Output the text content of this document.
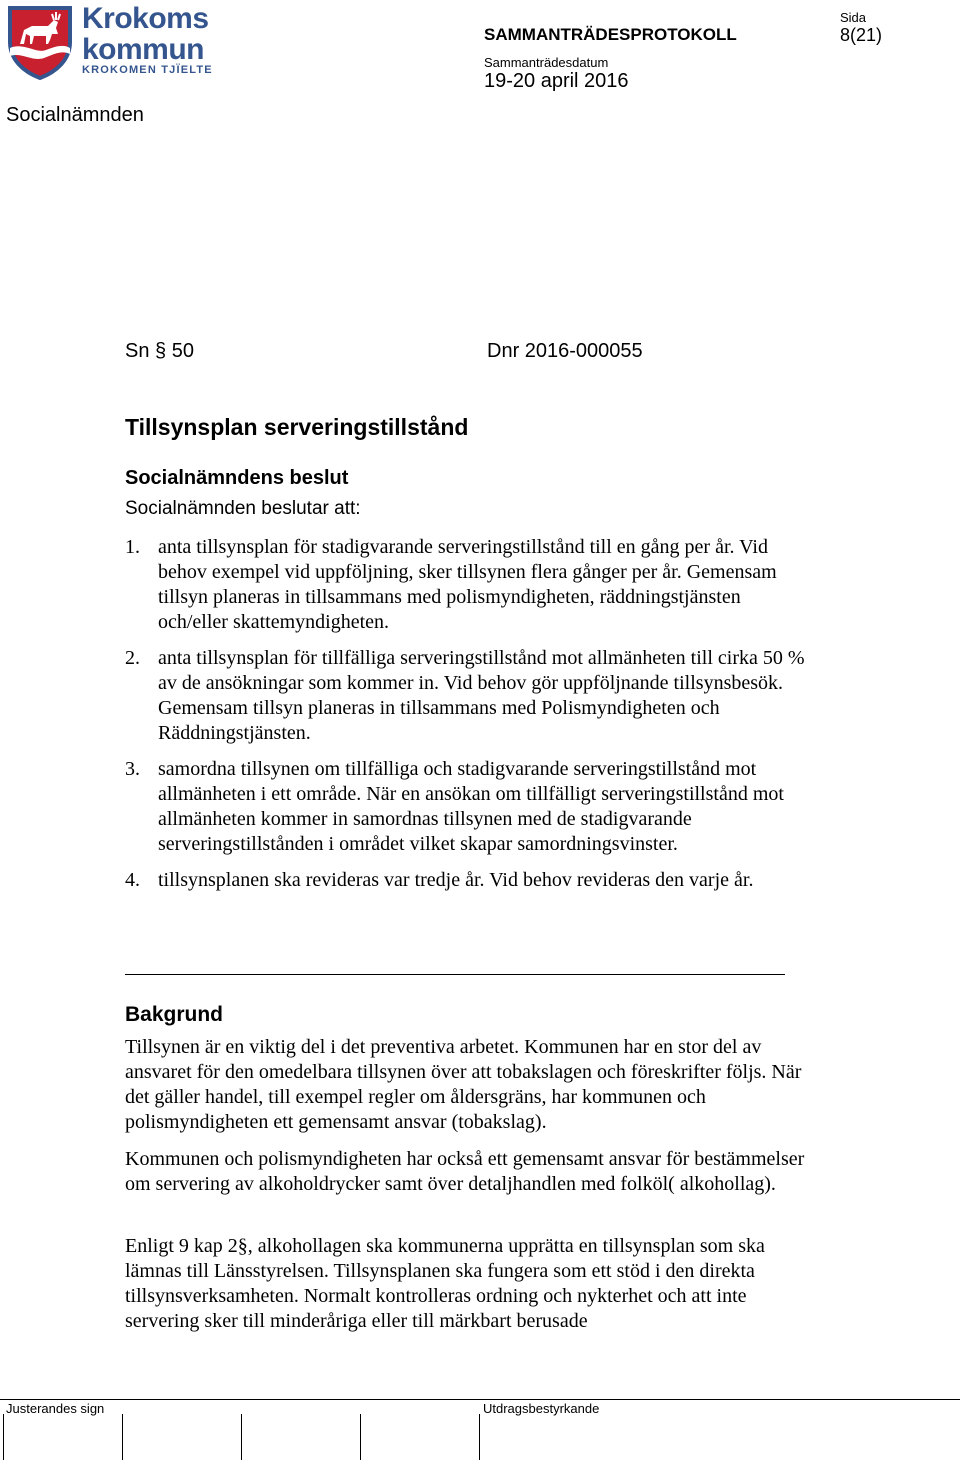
Krokoms
kommun
KROKOMEN TJÏELTE
Socialnämnden
SAMMANTRÄDESPROTOKOLL
Sammanträdesdatum
19-20 april 2016
Sida
8(21)
Sn § 50	Dnr 2016-000055
Tillsynsplan serveringstillstånd
Socialnämndens beslut
Socialnämnden beslutar att:
1. anta tillsynsplan för stadigvarande serveringstillstånd till en gång per år. Vid behov exempel vid uppföljning, sker tillsynen flera gånger per år. Gemensam tillsyn planeras in tillsammans med polismyndigheten, räddningstjänsten och/eller skattemyndigheten.
2. anta tillsynsplan för tillfälliga serveringstillstånd mot allmänheten till cirka 50 % av de ansökningar som kommer in. Vid behov gör uppföljnande tillsynsbesök. Gemensam tillsyn planeras in tillsammans med Polismyndigheten och Räddningstjänsten.
3. samordna tillsynen om tillfälliga och stadigvarande serveringstillstånd mot allmänheten i ett område. När en ansökan om tillfälligt serveringstillstånd mot allmänheten kommer in samordnas tillsynen med de stadigvarande serveringstillstånden i området vilket skapar samordningsvinster.
4. tillsynsplanen ska revideras var tredje år. Vid behov revideras den varje år.
Bakgrund

Tillsynen är en viktig del i det preventiva arbetet. Kommunen har en stor del av ansvaret för den omedelbara tillsynen över att tobakslagen och föreskrifter följs. När det gäller handel, till exempel regler om åldersgräns, har kommunen och polismyndigheten ett gemensamt ansvar (tobakslag).

Kommunen och polismyndigheten har också ett gemensamt ansvar för bestämmelser om servering av alkoholdrycker samt över detaljhandlen med folköl( alkohollag).

Enligt 9 kap 2§, alkohollagen ska kommunerna upprätta en tillsynsplan som ska lämnas till Länsstyrelsen. Tillsynsplanen ska fungera som ett stöd i den direkta tillsynsverksamheten. Normalt kontrolleras ordning och nykterhet och att inte servering sker till minderåriga eller till märkbart berusade

Justerandes sign	Utdragsbestyrkande
